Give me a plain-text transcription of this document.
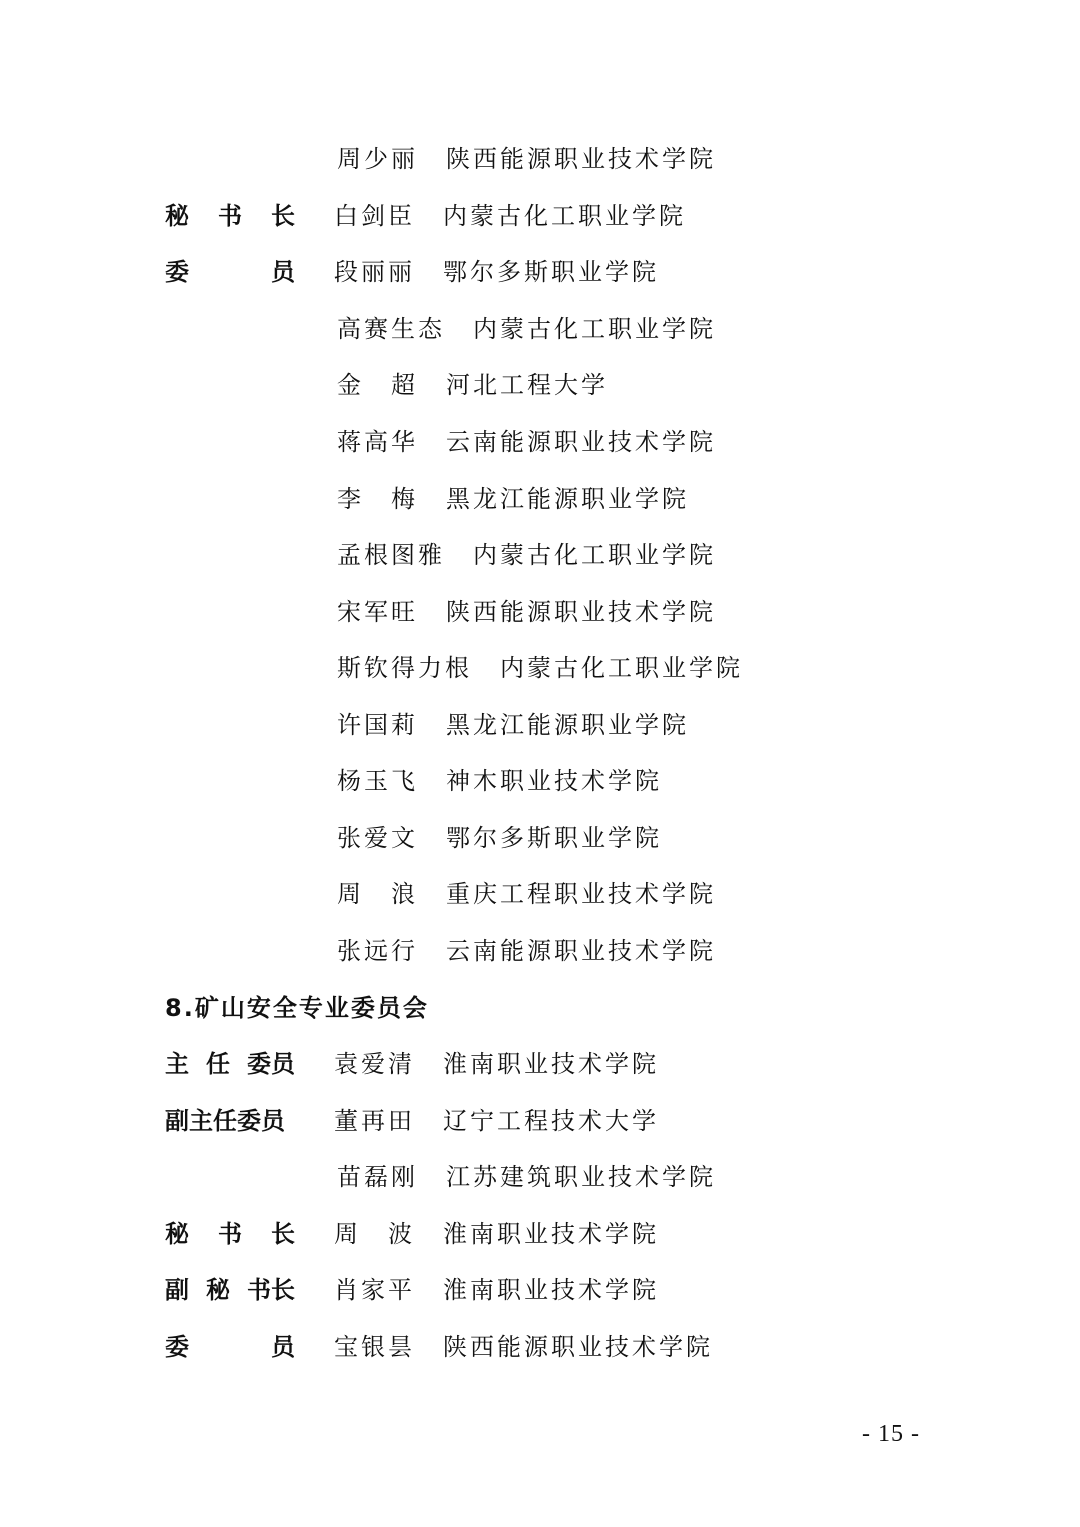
周少丽 陕西能源职业技术学院
秘 书 长 白剑臣 内蒙古化工职业学院
委	员 段丽丽 鄂尔多斯职业学院
高赛生态 内蒙古化工职业学院
金　超 河北工程大学
蒋高华 云南能源职业技术学院
李　梅 黑龙江能源职业学院
孟根图雅 内蒙古化工职业学院
宋军旺 陕西能源职业技术学院
斯钦得力根 内蒙古化工职业学院
许国莉 黑龙江能源职业学院
杨玉飞 神木职业技术学院
张爱文 鄂尔多斯职业学院
周　浪 重庆工程职业技术学院
张远行 云南能源职业技术学院
8.矿山安全专业委员会
主 任 委员 袁爱清 淮南职业技术学院
副主任委员 董再田 辽宁工程技术大学
苗磊刚 江苏建筑职业技术学院
秘 书 长 周　波 淮南职业技术学院
副 秘 书长 肖家平 淮南职业技术学院
委	员 宝银昙 陕西能源职业技术学院
- 15 -
